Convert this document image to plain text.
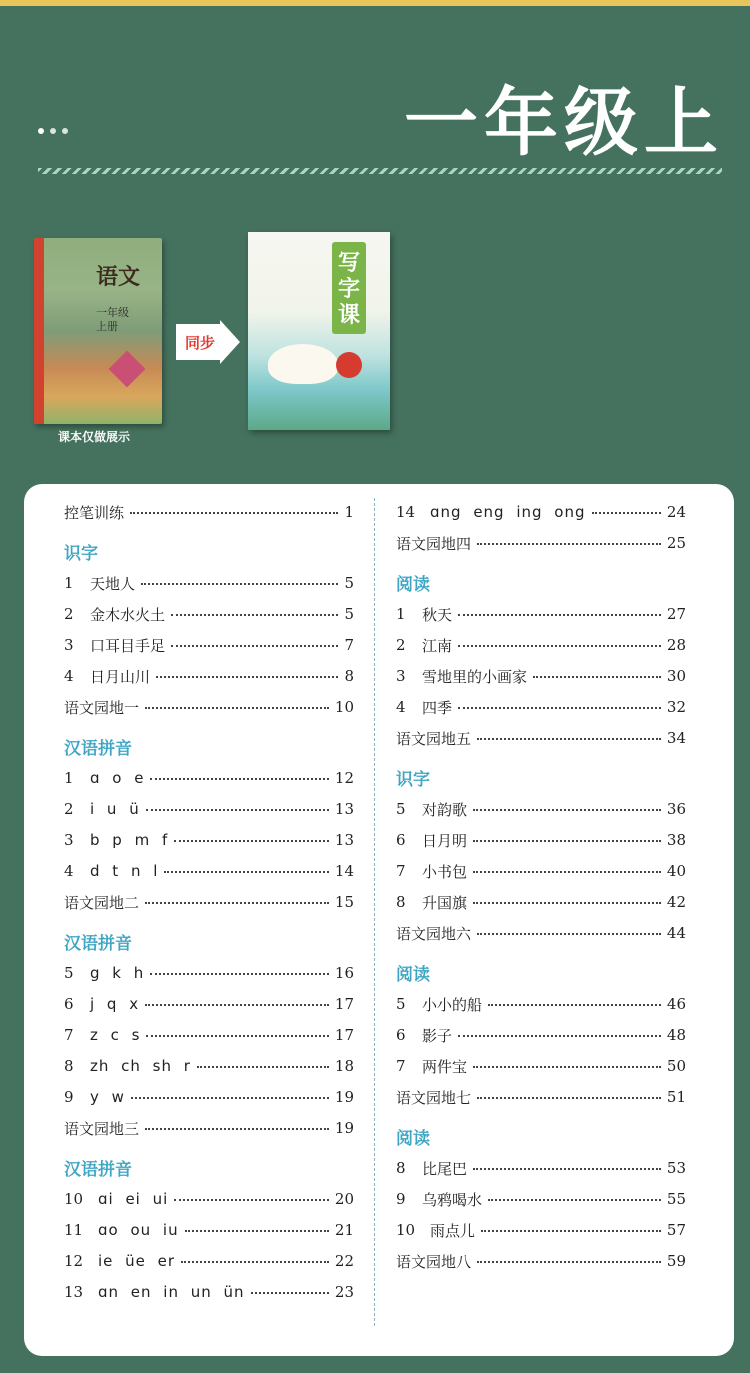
一年级上
语文
一年级
上册
课本仅做展示
同步
写字课
控笔训练	1
识字
1	天地人	5
2	金木水火土	5
3	口耳目手足	7
4	日月山川	8
语文园地一	10
汉语拼音
1	ɑ o e	12
2	i u ü	13
3	b p m f	13
4	d t n l	14
语文园地二	15
汉语拼音
5	g k h	16
6	j q x	17
7	z c s	17
8	zh ch sh r	18
9	y w	19
语文园地三	19
汉语拼音
10 ɑi ei ui	20
11 ɑo ou iu	21
12 ie üe er	22
13 ɑn en in un ün	23
14 ɑng eng ing ong	24
语文园地四	25
阅读
1	秋天	27
2	江南	28
3	雪地里的小画家	30
4	四季	32
语文园地五	34
识字
5	对韵歌	36
6	日月明	38
7	小书包	40
8	升国旗	42
语文园地六	44
阅读
5	小小的船	46
6	影子	48
7	两件宝	50
语文园地七	51
阅读
8	比尾巴	53
9	乌鸦喝水	55
10 雨点儿	57
语文园地八	59
